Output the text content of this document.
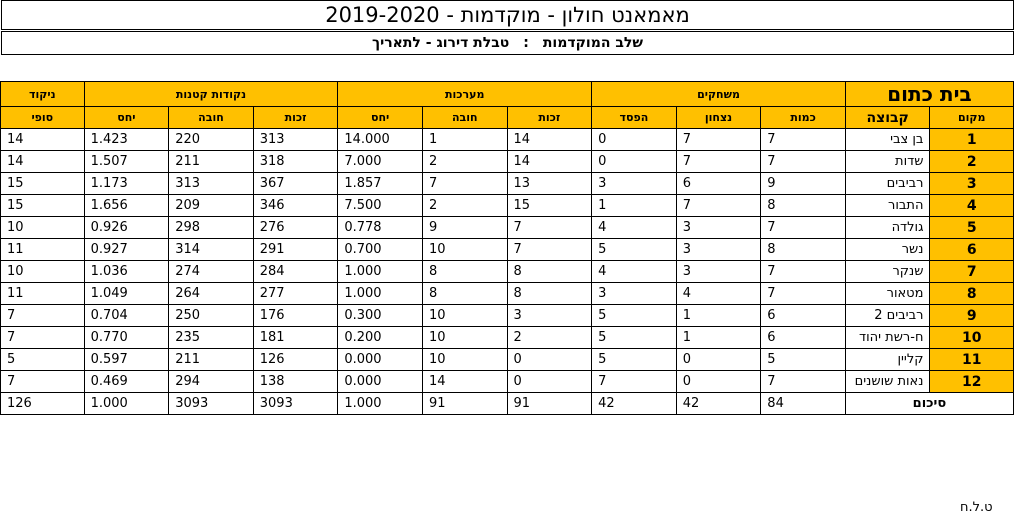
מאמאנט חולון - מוקדמות - 2019-2020
שלב המוקדמות:טבלת דירוג - לתאריך
בית כתום		משחקים			מערכות			נקודות קטנות			ניקוד
מקום	קבוצה	כמות	נצחון	הפסד	זכות	חובה	יחס	זכות	חובה	יחס	סופי
1	בן צבי	7	7	0	14	1	14.000	313	220	1.423	14
2	שדות	7	7	0	14	2	7.000	318	211	1.507	14
3	רביבים	9	6	3	13	7	1.857	367	313	1.173	15
4	התבור	8	7	1	15	2	7.500	346	209	1.656	15
5	גולדה	7	3	4	7	9	0.778	276	298	0.926	10
6	נשר	8	3	5	7	10	0.700	291	314	0.927	11
7	שנקר	7	3	4	8	8	1.000	284	274	1.036	10
8	מטאור	7	4	3	8	8	1.000	277	264	1.049	11
9	רביבים 2	6	1	5	3	10	0.300	176	250	0.704	7
10	ח-רשת יהוד	6	1	5	2	10	0.200	181	235	0.770	7
11	קליין	5	0	5	0	10	0.000	126	211	0.597	5
12	נאות שושנים	7	0	7	0	14	0.000	138	294	0.469	7
סיכום		84	42	42	91	91	1.000	3093	3093	1.000	126
ט.ל.ח
